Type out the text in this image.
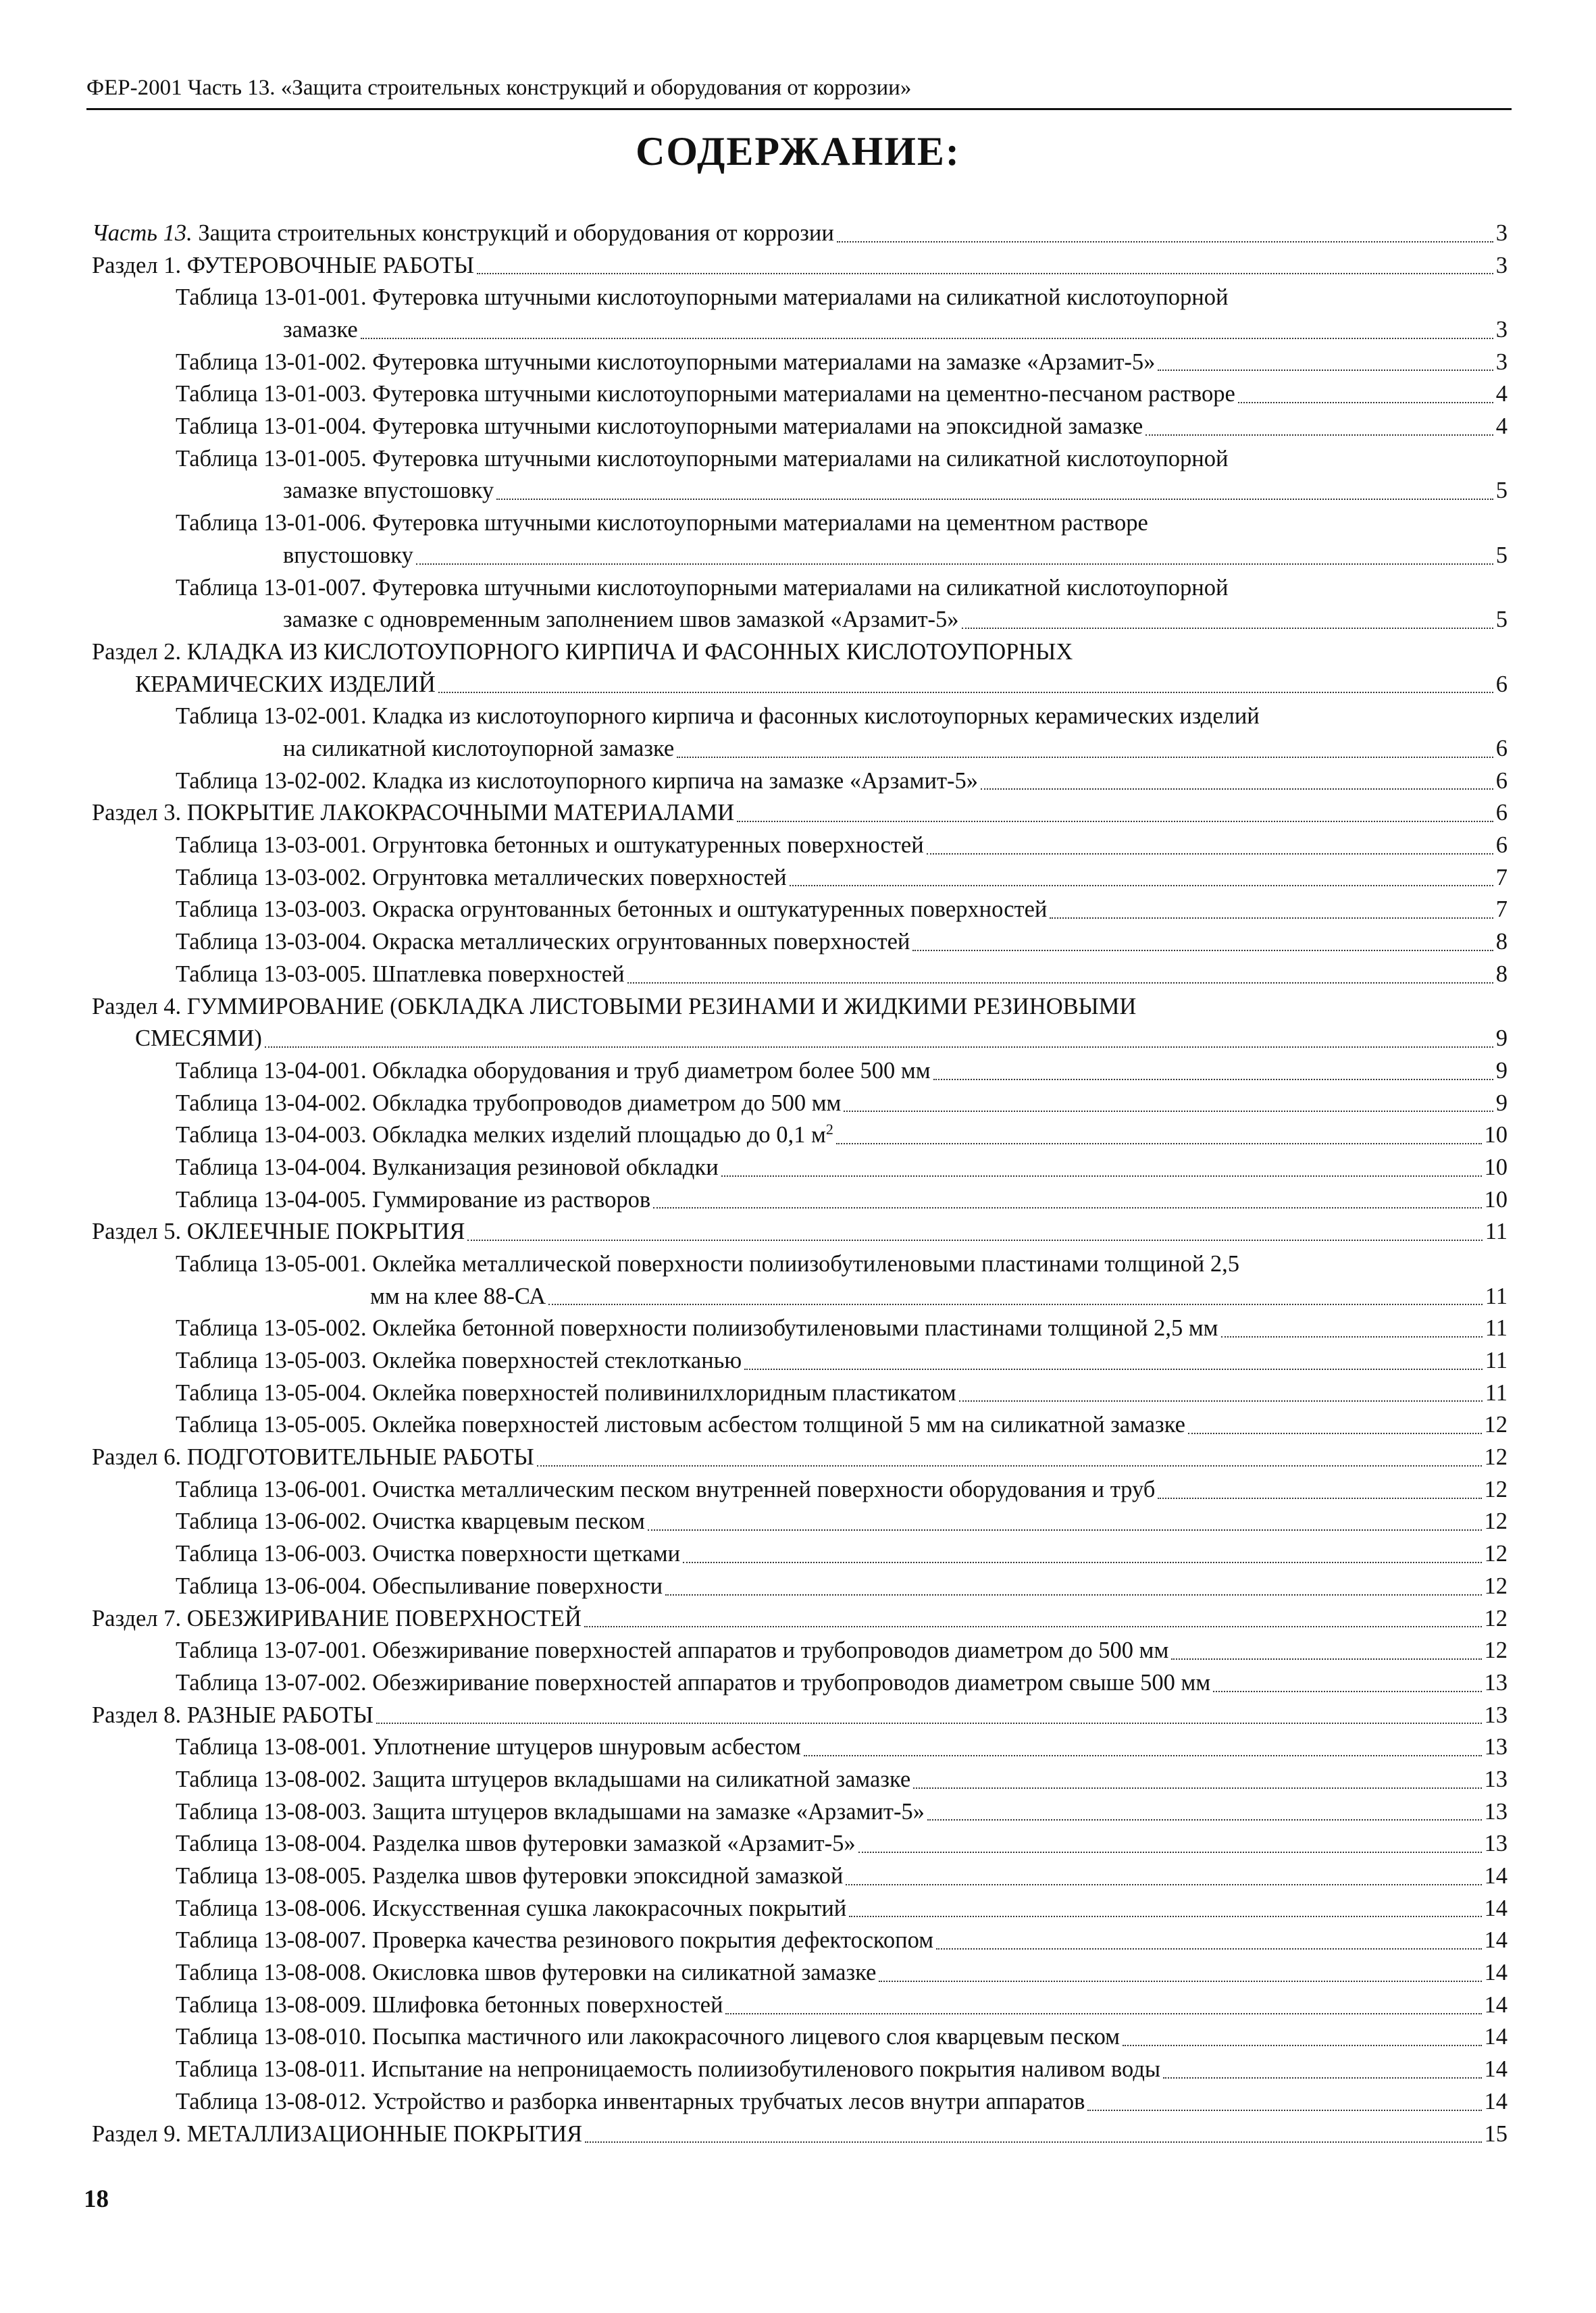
ФЕР-2001 Часть 13. «Защита строительных конструкций и оборудования от коррозии»
СОДЕРЖАНИЕ:
Часть 13. Защита строительных конструкций и оборудования от коррозии	3
Раздел 1. ФУТЕРОВОЧНЫЕ РАБОТЫ	3
Таблица 13-01-001. Футеровка штучными кислотоупорными материалами на силикатной кислотоупорной
замазке	3
Таблица 13-01-002. Футеровка штучными кислотоупорными материалами на замазке «Арзамит-5»	3
Таблица 13-01-003. Футеровка штучными кислотоупорными материалами на цементно-песчаном растворе	4
Таблица 13-01-004. Футеровка штучными кислотоупорными материалами на эпоксидной замазке	4
Таблица 13-01-005. Футеровка штучными кислотоупорными материалами на силикатной кислотоупорной
замазке впустошовку	5
Таблица 13-01-006. Футеровка штучными кислотоупорными материалами на цементном растворе
впустошовку	5
Таблица 13-01-007. Футеровка штучными кислотоупорными материалами на силикатной кислотоупорной
замазке с одновременным заполнением швов замазкой «Арзамит-5»	5
Раздел 2. КЛАДКА ИЗ КИСЛОТОУПОРНОГО КИРПИЧА И ФАСОННЫХ КИСЛОТОУПОРНЫХ
КЕРАМИЧЕСКИХ ИЗДЕЛИЙ	6
Таблица 13-02-001. Кладка из кислотоупорного кирпича и фасонных кислотоупорных керамических изделий
на силикатной кислотоупорной замазке	6
Таблица 13-02-002. Кладка из кислотоупорного кирпича на замазке «Арзамит-5»	6
Раздел 3. ПОКРЫТИЕ ЛАКОКРАСОЧНЫМИ МАТЕРИАЛАМИ	6
Таблица 13-03-001. Огрунтовка бетонных и оштукатуренных поверхностей	6
Таблица 13-03-002. Огрунтовка металлических поверхностей	7
Таблица 13-03-003. Окраска огрунтованных бетонных и оштукатуренных поверхностей	7
Таблица 13-03-004. Окраска металлических огрунтованных поверхностей	8
Таблица 13-03-005. Шпатлевка поверхностей	8
Раздел 4. ГУММИРОВАНИЕ (ОБКЛАДКА ЛИСТОВЫМИ РЕЗИНАМИ И ЖИДКИМИ РЕЗИНОВЫМИ
СМЕСЯМИ)	9
Таблица 13-04-001. Обкладка оборудования и труб диаметром более 500 мм	9
Таблица 13-04-002. Обкладка трубопроводов диаметром до 500 мм	9
Таблица 13-04-003. Обкладка мелких изделий площадью до 0,1 $м^2$	10
Таблица 13-04-004. Вулканизация резиновой обкладки	10
Таблица 13-04-005. Гуммирование из растворов	10
Раздел 5. ОКЛЕЕЧНЫЕ ПОКРЫТИЯ	11
Таблица 13-05-001. Оклейка металлической поверхности полиизобутиленовыми пластинами толщиной 2,5
мм на клее 88-СА	11
Таблица 13-05-002. Оклейка бетонной поверхности полиизобутиленовыми пластинами толщиной 2,5 мм	11
Таблица 13-05-003. Оклейка поверхностей стеклотканью	11
Таблица 13-05-004. Оклейка поверхностей поливинилхлоридным пластикатом	11
Таблица 13-05-005. Оклейка поверхностей листовым асбестом толщиной 5 мм на силикатной замазке	12
Раздел 6. ПОДГОТОВИТЕЛЬНЫЕ РАБОТЫ	12
Таблица 13-06-001. Очистка металлическим песком внутренней поверхности оборудования и труб	12
Таблица 13-06-002. Очистка кварцевым песком	12
Таблица 13-06-003. Очистка поверхности щетками	12
Таблица 13-06-004. Обеспыливание поверхности	12
Раздел 7. ОБЕЗЖИРИВАНИЕ ПОВЕРХНОСТЕЙ	12
Таблица 13-07-001. Обезжиривание поверхностей аппаратов и трубопроводов диаметром до 500 мм	12
Таблица 13-07-002. Обезжиривание поверхностей аппаратов и трубопроводов диаметром свыше 500 мм	13
Раздел 8. РАЗНЫЕ РАБОТЫ	13
Таблица 13-08-001. Уплотнение штуцеров шнуровым асбестом	13
Таблица 13-08-002. Защита штуцеров вкладышами на силикатной замазке	13
Таблица 13-08-003. Защита штуцеров вкладышами на замазке «Арзамит-5»	13
Таблица 13-08-004. Разделка швов футеровки замазкой «Арзамит-5»	13
Таблица 13-08-005. Разделка швов футеровки эпоксидной замазкой	14
Таблица 13-08-006. Искусственная сушка лакокрасочных покрытий	14
Таблица 13-08-007. Проверка качества резинового покрытия дефектоскопом	14
Таблица 13-08-008. Окисловка швов футеровки на силикатной замазке	14
Таблица 13-08-009. Шлифовка бетонных поверхностей	14
Таблица 13-08-010. Посыпка мастичного или лакокрасочного лицевого слоя кварцевым песком	14
Таблица 13-08-011. Испытание на непроницаемость полиизобутиленового покрытия наливом воды	14
Таблица 13-08-012. Устройство и разборка инвентарных трубчатых лесов внутри аппаратов	14
Раздел 9. МЕТАЛЛИЗАЦИОННЫЕ ПОКРЫТИЯ	15
18
